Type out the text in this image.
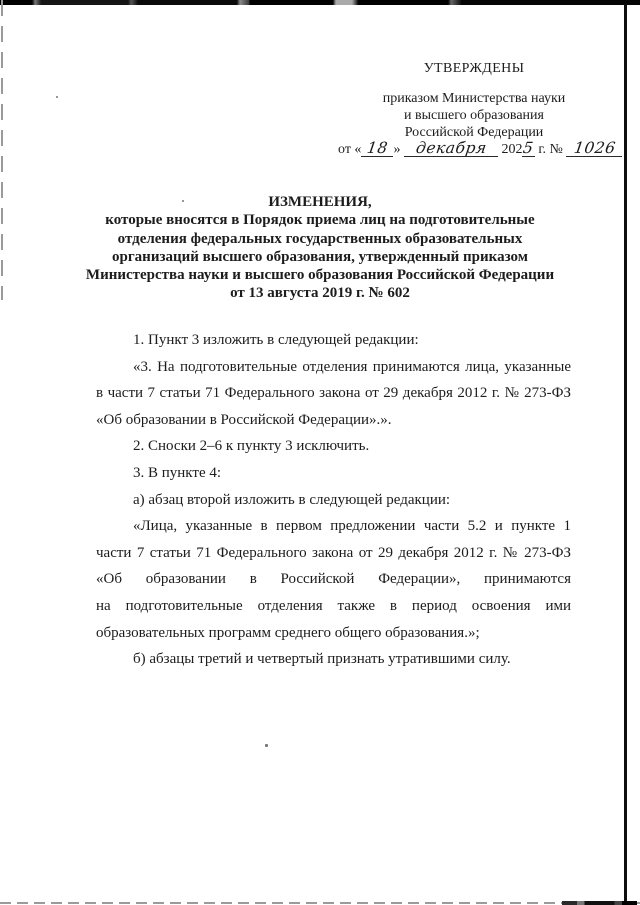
УТВЕРЖДЕНЫ
приказом Министерства науки
и высшего образования
Российской Федерации
от « 18 » декабря 2025 г. № 1026
ИЗМЕНЕНИЯ,
которые вносятся в Порядок приема лиц на подготовительные
отделения федеральных государственных образовательных
организаций высшего образования, утвержденный приказом
Министерства науки и высшего образования Российской Федерации
от 13 августа 2019 г. № 602
1. Пункт 3 изложить в следующей редакции:
«3. На подготовительные отделения принимаются лица, указанные
в части 7 статьи 71 Федерального закона от 29 декабря 2012 г. № 273-ФЗ
«Об образовании в Российской Федерации».».
2. Сноски 2–6 к пункту 3 исключить.
3. В пункте 4:
а) абзац второй изложить в следующей редакции:
«Лица, указанные в первом предложении части 5.2 и пункте 1
части 7 статьи 71 Федерального закона от 29 декабря 2012 г. № 273-ФЗ
«Об образовании в Российской Федерации», принимаются
на подготовительные отделения также в период освоения ими
образовательных программ среднего общего образования.»;
б) абзацы третий и четвертый признать утратившими силу.
